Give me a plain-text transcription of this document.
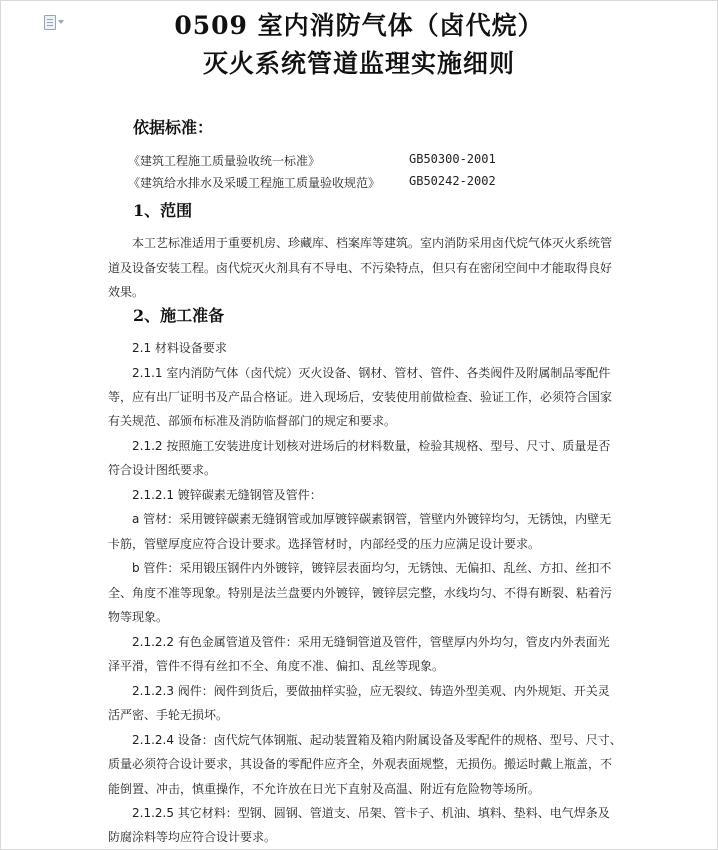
0509 室内消防气体（卤代烷）
灭火系统管道监理实施细则
依据标准：
《建筑工程施工质量验收统一标准》	GB50300-2001
《建筑给水排水及采暖工程施工质量验收规范》 GB50242-2002
1、范围
本工艺标准适用于重要机房、珍藏库、档案库等建筑。室内消防采用卤代烷气体灭火系统管
道及设备安装工程。卤代烷灭火剂具有不导电、不污染特点，但只有在密闭空间中才能取得良好
效果。
2、施工准备
2.1 材料设备要求
2.1.1 室内消防气体（卤代烷）灭火设备、钢材、管材、管件、各类阀件及附属制品零配件
等，应有出厂证明书及产品合格证。进入现场后，安装使用前做检查、验证工作，必须符合国家
有关规范、部颁布标准及消防临督部门的规定和要求。
2.1.2 按照施工安装进度计划核对进场后的材料数量，检验其规格、型号、尺寸、质量是否
符合设计图纸要求。
2.1.2.1 镀锌碳素无缝钢管及管件：
a 管材：采用镀锌碳素无缝钢管或加厚镀锌碳素钢管，管壁内外镀锌均匀，无锈蚀，内壁无
卡筋，管壁厚度应符合设计要求。选择管材时，内部经受的压力应满足设计要求。
b 管件：采用锻压钢件内外镀锌，镀锌层表面均匀，无锈蚀、无偏扣、乱丝、方扣、丝扣不
全、角度不准等现象。特别是法兰盘要内外镀锌，镀锌层完整，水线均匀、不得有断裂、粘着污
物等现象。
2.1.2.2 有色金属管道及管件：采用无缝铜管道及管件，管壁厚内外均匀，管皮内外表面光
泽平滑，管件不得有丝扣不全、角度不准、偏扣、乱丝等现象。
2.1.2.3 阀件：阀件到货后，要做抽样实验，应无裂纹、铸造外型美观、内外规矩、开关灵
活严密、手轮无损坏。
2.1.2.4 设备：卤代烷气体钢瓶、起动装置箱及箱内附属设备及零配件的规格、型号、尺寸、
质量必须符合设计要求，其设备的零配件应齐全，外观表面规整，无损伤。搬运时戴上瓶盖，不
能倒置、冲击，慎重操作，不允许放在日光下直射及高温、附近有危险物等场所。
2.1.2.5 其它材料：型钢、圆钢、管道支、吊架、管卡子、机油、填料、垫料、电气焊条及
防腐涂料等均应符合设计要求。
